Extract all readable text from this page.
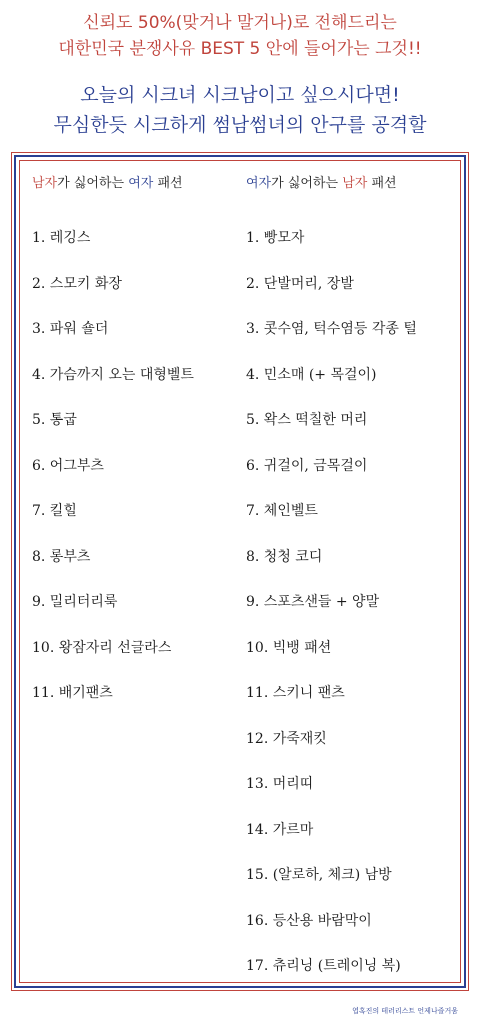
신뢰도 50%(맞거나 말거나)로 전해드리는
대한민국 분쟁사유 BEST 5 안에 들어가는 그것!!
오늘의 시크녀 시크남이고 싶으시다면!
무심한듯 시크하게 썸남썸녀의 안구를 공격할
남자가 싫어하는 여자 패션	여자가 싫어하는 남자 패션
1. 레깅스
2. 스모키 화장
3. 파워 숄더
4. 가슴까지 오는 대형벨트
5. 통굽
6. 어그부츠
7. 킬힐
8. 롱부츠
9. 밀리터리룩
10. 왕잠자리 선글라스
11. 배기팬츠
1. 빵모자
2. 단발머리, 장발
3. 콧수염, 턱수염등 각종 털
4. 민소매 (+ 목걸이)
5. 왁스 떡칠한 머리
6. 귀걸이, 금목걸이
7. 체인벨트
8. 청청 코디
9. 스포츠샌들 + 양말
10. 빅뱅 패션
11. 스키니 팬츠
12. 가죽재킷
13. 머리띠
14. 가르마
15. (알로하, 체크) 남방
16. 등산용 바람막이
17. 츄리닝 (트레이닝 복)
엽혹진의 테러리스트 언제나즐거움
